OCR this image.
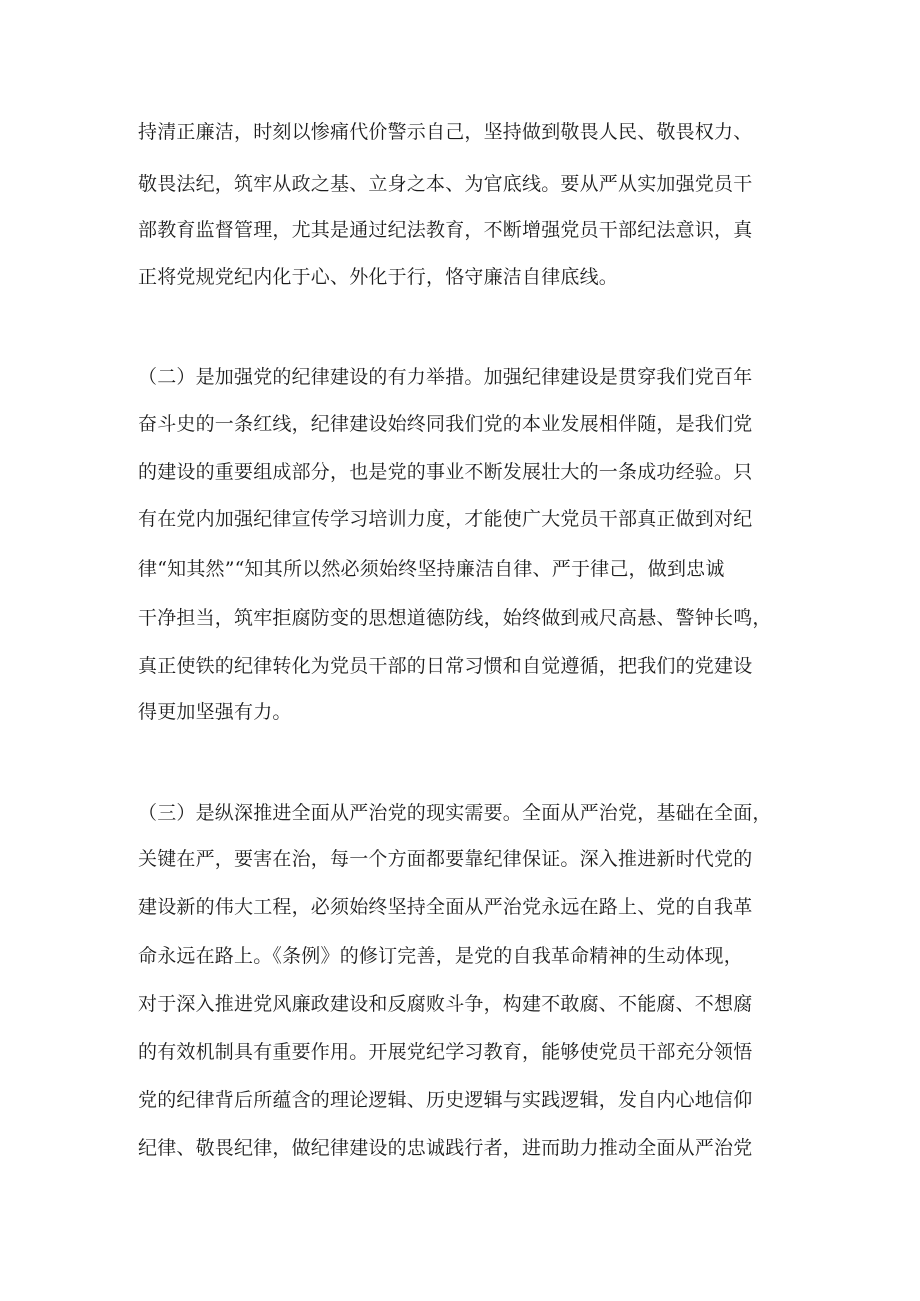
持清正廉洁，时刻以惨痛代价警示自己，坚持做到敬畏人民、敬畏权力、
敬畏法纪，筑牢从政之基、立身之本、为官底线。要从严从实加强党员干
部教育监督管理，尤其是通过纪法教育，不断增强党员干部纪法意识，真
正将党规党纪内化于心、外化于行，恪守廉洁自律底线。
（二）是加强党的纪律建设的有力举措。加强纪律建设是贯穿我们党百年
奋斗史的一条红线，纪律建设始终同我们党的本业发展相伴随，是我们党
的建设的重要组成部分，也是党的事业不断发展壮大的一条成功经验。只
有在党内加强纪律宣传学习培训力度，才能使广大党员干部真正做到对纪
律“知其然”“知其所以然必须始终坚持廉洁自律、严于律己，做到忠诚
干净担当，筑牢拒腐防变的思想道德防线，始终做到戒尺高悬、警钟长鸣，
真正使铁的纪律转化为党员干部的日常习惯和自觉遵循，把我们的党建设
得更加坚强有力。
（三）是纵深推进全面从严治党的现实需要。全面从严治党，基础在全面，
关键在严，要害在治，每一个方面都要靠纪律保证。深入推进新时代党的
建设新的伟大工程，必须始终坚持全面从严治党永远在路上、党的自我革
命永远在路上。《条例》的修订完善，是党的自我革命精神的生动体现，
对于深入推进党风廉政建设和反腐败斗争，构建不敢腐、不能腐、不想腐
的有效机制具有重要作用。开展党纪学习教育，能够使党员干部充分领悟
党的纪律背后所蕴含的理论逻辑、历史逻辑与实践逻辑，发自内心地信仰
纪律、敬畏纪律，做纪律建设的忠诚践行者，进而助力推动全面从严治党
